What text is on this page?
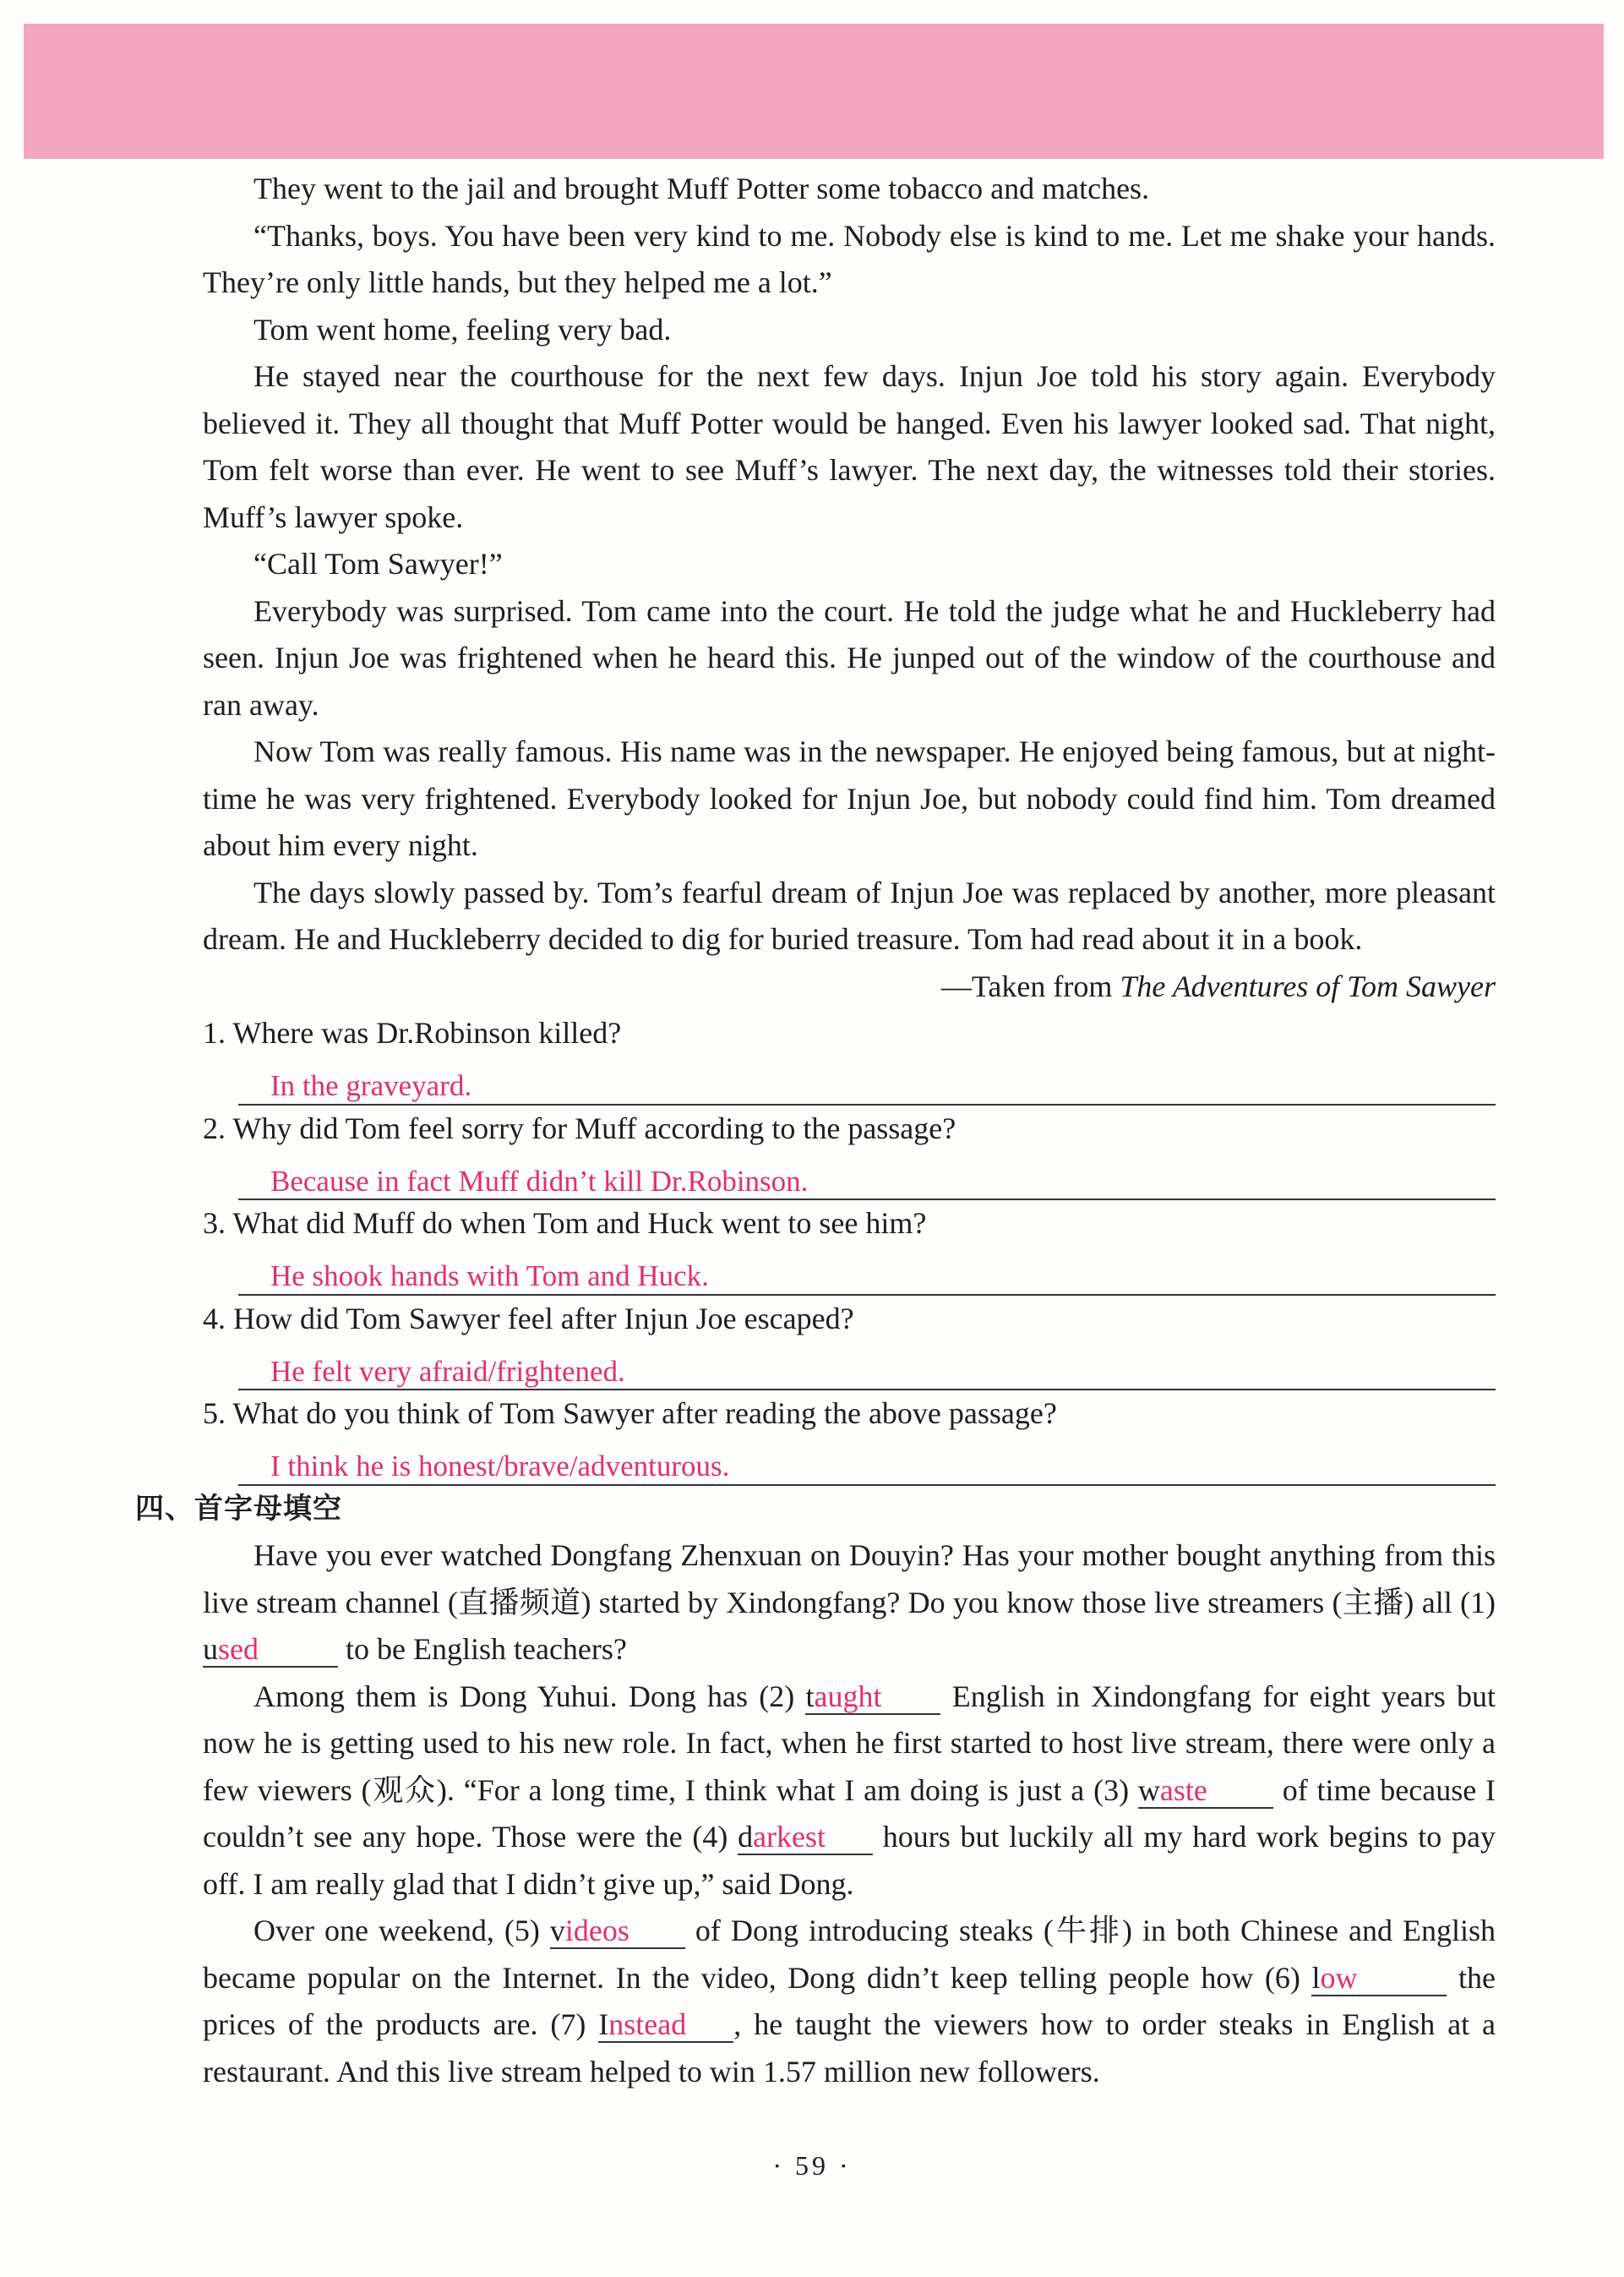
They went to the jail and brought Muff Potter some tobacco and matches.

“Thanks, boys. You have been very kind to me. Nobody else is kind to me. Let me shake your hands. They’re only little hands, but they helped me a lot.”

Tom went home, feeling very bad.

He stayed near the courthouse for the next few days. Injun Joe told his story again. Everybody believed it. They all thought that Muff Potter would be hanged. Even his lawyer looked sad. That night, Tom felt worse than ever. He went to see Muff’s lawyer. The next day, the witnesses told their stories. Muff’s lawyer spoke.

“Call Tom Sawyer!”

Everybody was surprised. Tom came into the court. He told the judge what he and Huckleberry had seen. Injun Joe was frightened when he heard this. He junped out of the window of the courthouse and ran away.

Now Tom was really famous. His name was in the newspaper. He enjoyed being famous, but at night-time he was very frightened. Everybody looked for Injun Joe, but nobody could find him. Tom dreamed about him every night.

The days slowly passed by. Tom’s fearful dream of Injun Joe was replaced by another, more pleasant dream. He and Huckleberry decided to dig for buried treasure. Tom had read about it in a book.

—Taken from The Adventures of Tom Sawyer

1. Where was Dr.Robinson killed?

In the graveyard.

2. Why did Tom feel sorry for Muff according to the passage?

Because in fact Muff didn’t kill Dr.Robinson.

3. What did Muff do when Tom and Huck went to see him?

He shook hands with Tom and Huck.

4. How did Tom Sawyer feel after Injun Joe escaped?

He felt very afraid/frightened.

5. What do you think of Tom Sawyer after reading the above passage?

I think he is honest/brave/adventurous.

四、首字母填空

Have you ever watched Dongfang Zhenxuan on Douyin? Has your mother bought anything from this live stream channel (直播频道) started by Xindongfang? Do you know those live streamers (主播) all (1) used	to be English teachers?

Among them is Dong Yuhui. Dong has (2) taught English in Xindongfang for eight years but now he is getting used to his new role. In fact, when he first started to host live stream, there were only a few viewers (观众). “For a long time, I think what I am doing is just a (3) waste of time because I couldn’t see any hope. Those were the (4) darkest hours but luckily all my hard work begins to pay off. I am really glad that I didn’t give up,” said Dong.

Over one weekend, (5) videos of Dong introducing steaks (牛排) in both Chinese and English became popular on the Internet. In the video, Dong didn’t keep telling people how (6) low	the prices of the products are. (7) Instead , he taught the viewers how to order steaks in English at a restaurant. And this live stream helped to win 1.57 million new followers.

· 59 ·
